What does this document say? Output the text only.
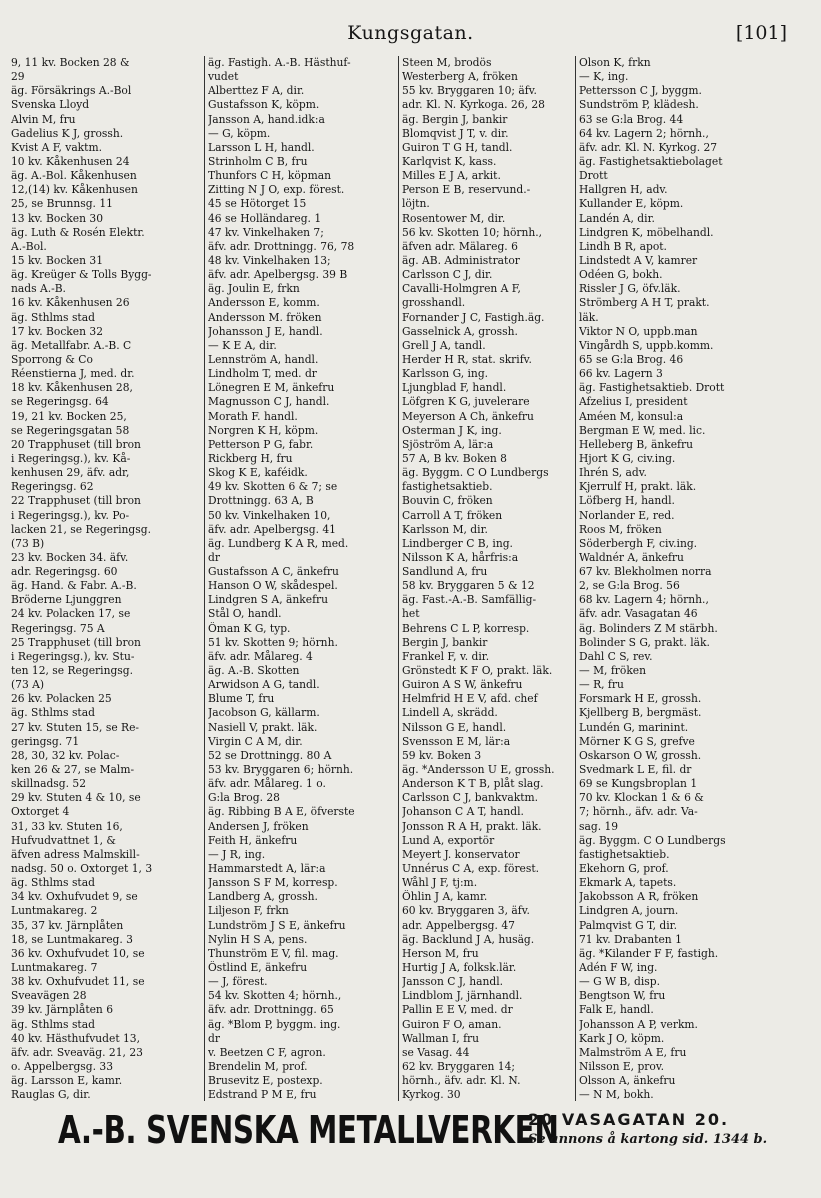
Kungsgatan.	[101]
9, 11 kv. Bocken 28 &
29
äg. Försäkrings A.-Bol
Svenska Lloyd
Alvin M, fru
Gadelius K J, grossh.
Kvist A F, vaktm.
10 kv. Kåkenhusen 24
äg. A.-Bol. Kåkenhusen
12,(14) kv. Kåkenhusen
25, se Brunnsg. 11
13 kv. Bocken 30
äg. Luth & Rosén Elektr.
A.-Bol.
15 kv. Bocken 31
äg. Kreüger & Tolls Bygg-
nads A.-B.
16 kv. Kåkenhusen 26
äg. Sthlms stad
17 kv. Bocken 32
äg. Metallfabr. A.-B. C
Sporrong & Co
Réenstierna J, med. dr.
18 kv. Kåkenhusen 28,
se Regeringsg. 64
19, 21 kv. Bocken 25,
se Regeringsgatan 58
20 Trapphuset (till bron
i Regeringsg.), kv. Kå-
kenhusen 29, äfv. adr,
Regeringsg. 62
22 Trapphuset (till bron
i Regeringsg.), kv. Po-
lacken 21, se Regeringsg.
(73 B)
23 kv. Bocken 34. äfv.
adr. Regeringsg. 60
äg. Hand. & Fabr. A.-B.
Bröderne Ljunggren
24 kv. Polacken 17, se
Regeringsg. 75 A
25 Trapphuset (till bron
i Regeringsg.), kv. Stu-
ten 12, se Regeringsg.
(73 A)
26 kv. Polacken 25
äg. Sthlms stad
27 kv. Stuten 15, se Re-
geringsg. 71
28, 30, 32 kv. Polac-
ken 26 & 27, se Malm-
skillnadsg. 52
29 kv. Stuten 4 & 10, se
Oxtorget 4
31, 33 kv. Stuten 16,
Hufvudvattnet 1, &
äfven adress Malmskill-
nadsg. 50 o. Oxtorget 1, 3
äg. Sthlms stad
34 kv. Oxhufvudet 9, se
Luntmakareg. 2
35, 37 kv. Järnplåten
18, se Luntmakareg. 3
36 kv. Oxhufvudet 10, se
Luntmakareg. 7
38 kv. Oxhufvudet 11, se
Sveavägen 28
39 kv. Järnplåten 6
äg. Sthlms stad
40 kv. Hästhufvudet 13,
äfv. adr. Sveaväg. 21, 23
o. Appelbergsg. 33
äg. Larsson E, kamr.
Rauglas G, dir.
äg. Fastigh. A.-B. Hästhuf-
vudet
Alberttez F A, dir.
Gustafsson K, köpm.
Jansson A, hand.idk:a
— G, köpm.
Larsson L H, handl.
Strinholm C B, fru
Thunfors C H, köpman
Zitting N J O, exp. förest.
45 se Hötorget 15
46 se Holländareg. 1
47 kv. Vinkelhaken 7;
äfv. adr. Drottningg. 76, 78
48 kv. Vinkelhaken 13;
äfv. adr. Apelbergsg. 39 B
äg. Joulin E, frkn
Andersson E, komm.
Andersson M. fröken
Johansson J E, handl.
— K E A, dir.
Lennström A, handl.
Lindholm T, med. dr
Lönegren E M, änkefru
Magnusson C J, handl.
Morath F. handl.
Norgren K H, köpm.
Petterson P G, fabr.
Rickberg H, fru
Skog K E, kaféidk.
49 kv. Skotten 6 & 7; se
Drottningg. 63 A, B
50 kv. Vinkelhaken 10,
äfv. adr. Apelbergsg. 41
äg. Lundberg K A R, med.
dr
Gustafsson A C, änkefru
Hanson O W, skådespel.
Lindgren S A, änkefru
Stål O, handl.
Öman K G, typ.
51 kv. Skotten 9; hörnh.
äfv. adr. Målareg. 4
äg. A.-B. Skotten
Arwidson A G, tandl.
Blume T, fru
Jacobson G, källarm.
Nasiell V, prakt. läk.
Virgin C A M, dir.
52 se Drottningg. 80 A
53 kv. Bryggaren 6; hörnh.
äfv. adr. Målareg. 1 o.
G:la Brog. 28
äg. Ribbing B A E, öfverste
Andersen J, fröken
Feith H, änkefru
— J R, ing.
Hammarstedt A, lär:a
Jansson S F M, korresp.
Landberg A, grossh.
Liljeson F, frkn
Lundström J S E, änkefru
Nylin H S A, pens.
Thunström E V, fil. mag.
Östlind E, änkefru
— J, förest.
54 kv. Skotten 4; hörnh.,
äfv. adr. Drottningg. 65
äg. *Blom P, byggm. ing.
dr
v. Beetzen C F, agron.
Brendelin M, prof.
Brusevitz E, postexp.
Edstrand P M E, fru
Steen M, brodös
Westerberg A, fröken
55 kv. Bryggaren 10; äfv.
adr. Kl. N. Kyrkoga. 26, 28
äg. Bergin J, bankir
Blomqvist J T, v. dir.
Guiron T G H, tandl.
Karlqvist K, kass.
Milles E J A, arkit.
Person E B, reservund.-
löjtn.
Rosentower M, dir.
56 kv. Skotten 10; hörnh.,
äfven adr. Mälareg. 6
äg. AB. Administrator
Carlsson C J, dir.
Cavalli-Holmgren A F,
grosshandl.
Fornander J C, Fastigh.äg.
Gasselnick A, grossh.
Grell J A, tandl.
Herder H R, stat. skrifv.
Karlsson G, ing.
Ljungblad F, handl.
Löfgren K G, juvelerare
Meyerson A Ch, änkefru
Osterman J K, ing.
Sjöström A, lär:a
57 A, B kv. Boken 8
äg. Byggm. C O Lundbergs
fastighetsaktieb.
Bouvin C, fröken
Carroll A T, fröken
Karlsson M, dir.
Lindberger C B, ing.
Nilsson K A, hårfris:a
Sandlund A, fru
58 kv. Bryggaren 5 & 12
äg. Fast.-A.-B. Samfällig-
het
Behrens C L P, korresp.
Bergin J, bankir
Frankel F, v. dir.
Grönstedt K F O, prakt. läk.
Guiron A S W, änkefru
Helmfrid H E V, afd. chef
Lindell A, skrädd.
Nilsson G E, handl.
Svensson E M, lär:a
59 kv. Boken 3
äg. *Andersson U E, grossh.
Anderson K T B, plåt slag.
Carlsson C J, bankvaktm.
Johanson C A T, handl.
Jonsson R A H, prakt. läk.
Lund A, exportör
Meyert J. konservator
Unnérus C A, exp. förest.
Wåhl J F, tj:m.
Öhlin J A, kamr.
60 kv. Bryggaren 3, äfv.
adr. Appelbergsg. 47
äg. Backlund J A, husäg.
Herson M, fru
Hurtig J A, folksk.lär.
Jansson C J, handl.
Lindblom J, järnhandl.
Pallin E E V, med. dr
Guiron F O, aman.
Wallman I, fru
se Vasag. 44
62 kv. Bryggaren 14;
hörnh., äfv. adr. Kl. N.
Kyrkog. 30
Olson K, frkn
— K, ing.
Pettersson C J, byggm.
Sundström P, klädesh.
63 se G:la Brog. 44
64 kv. Lagern 2; hörnh.,
äfv. adr. Kl. N. Kyrkog. 27
äg. Fastighetsaktiebolaget
Drott
Hallgren H, adv.
Kullander E, köpm.
Landén A, dir.
Lindgren K, möbelhandl.
Lindh B R, apot.
Lindstedt A V, kamrer
Odéen G, bokh.
Rissler J G, öfv.läk.
Strömberg A H T, prakt.
läk.
Viktor N O, uppb.man
Vingårdh S, uppb.komm.
65 se G:la Brog. 46
66 kv. Lagern 3
äg. Fastighetsaktieb. Drott
Afzelius I, president
Améen M, konsul:a
Bergman E W, med. lic.
Helleberg B, änkefru
Hjort K G, civ.ing.
Ihrén S, adv.
Kjerrulf H, prakt. läk.
Löfberg H, handl.
Norlander E, red.
Roos M, fröken
Söderbergh F, civ.ing.
Waldnér A, änkefru
67 kv. Blekholmen norra
2, se G:la Brog. 56
68 kv. Lagern 4; hörnh.,
äfv. adr. Vasagatan 46
äg. Bolinders Z M stärbh.
Bolinder S G, prakt. läk.
Dahl C S, rev.
— M, fröken
— R, fru
Forsmark H E, grossh.
Kjellberg B, bergmäst.
Lundén G, marinint.
Mörner K G S, grefve
Oskarson O W, grossh.
Svedmark L E, fil. dr
69 se Kungsbroplan 1
70 kv. Klockan 1 & 6 &
7; hörnh., äfv. adr. Va-
sag. 19
äg. Byggm. C O Lundbergs
fastighetsaktieb.
Ekehorn G, prof.
Ekmark A, tapets.
Jakobsson A R, fröken
Lindgren A, journ.
Palmqvist G T, dir.
71 kv. Drabanten 1
äg. *Kilander F F, fastigh.
Adén F W, ing.
— G W B, disp.
Bengtson W, fru
Falk E, handl.
Johansson A P, verkm.
Kark J O, köpm.
Malmström A E, fru
Nilsson E, prov.
Olsson A, änkefru
— N M, bokh.
A.-B. SVENSKA METALLVERKEN
20 VASAGATAN 20.
Se annons å kartong sid. 1344 b.
